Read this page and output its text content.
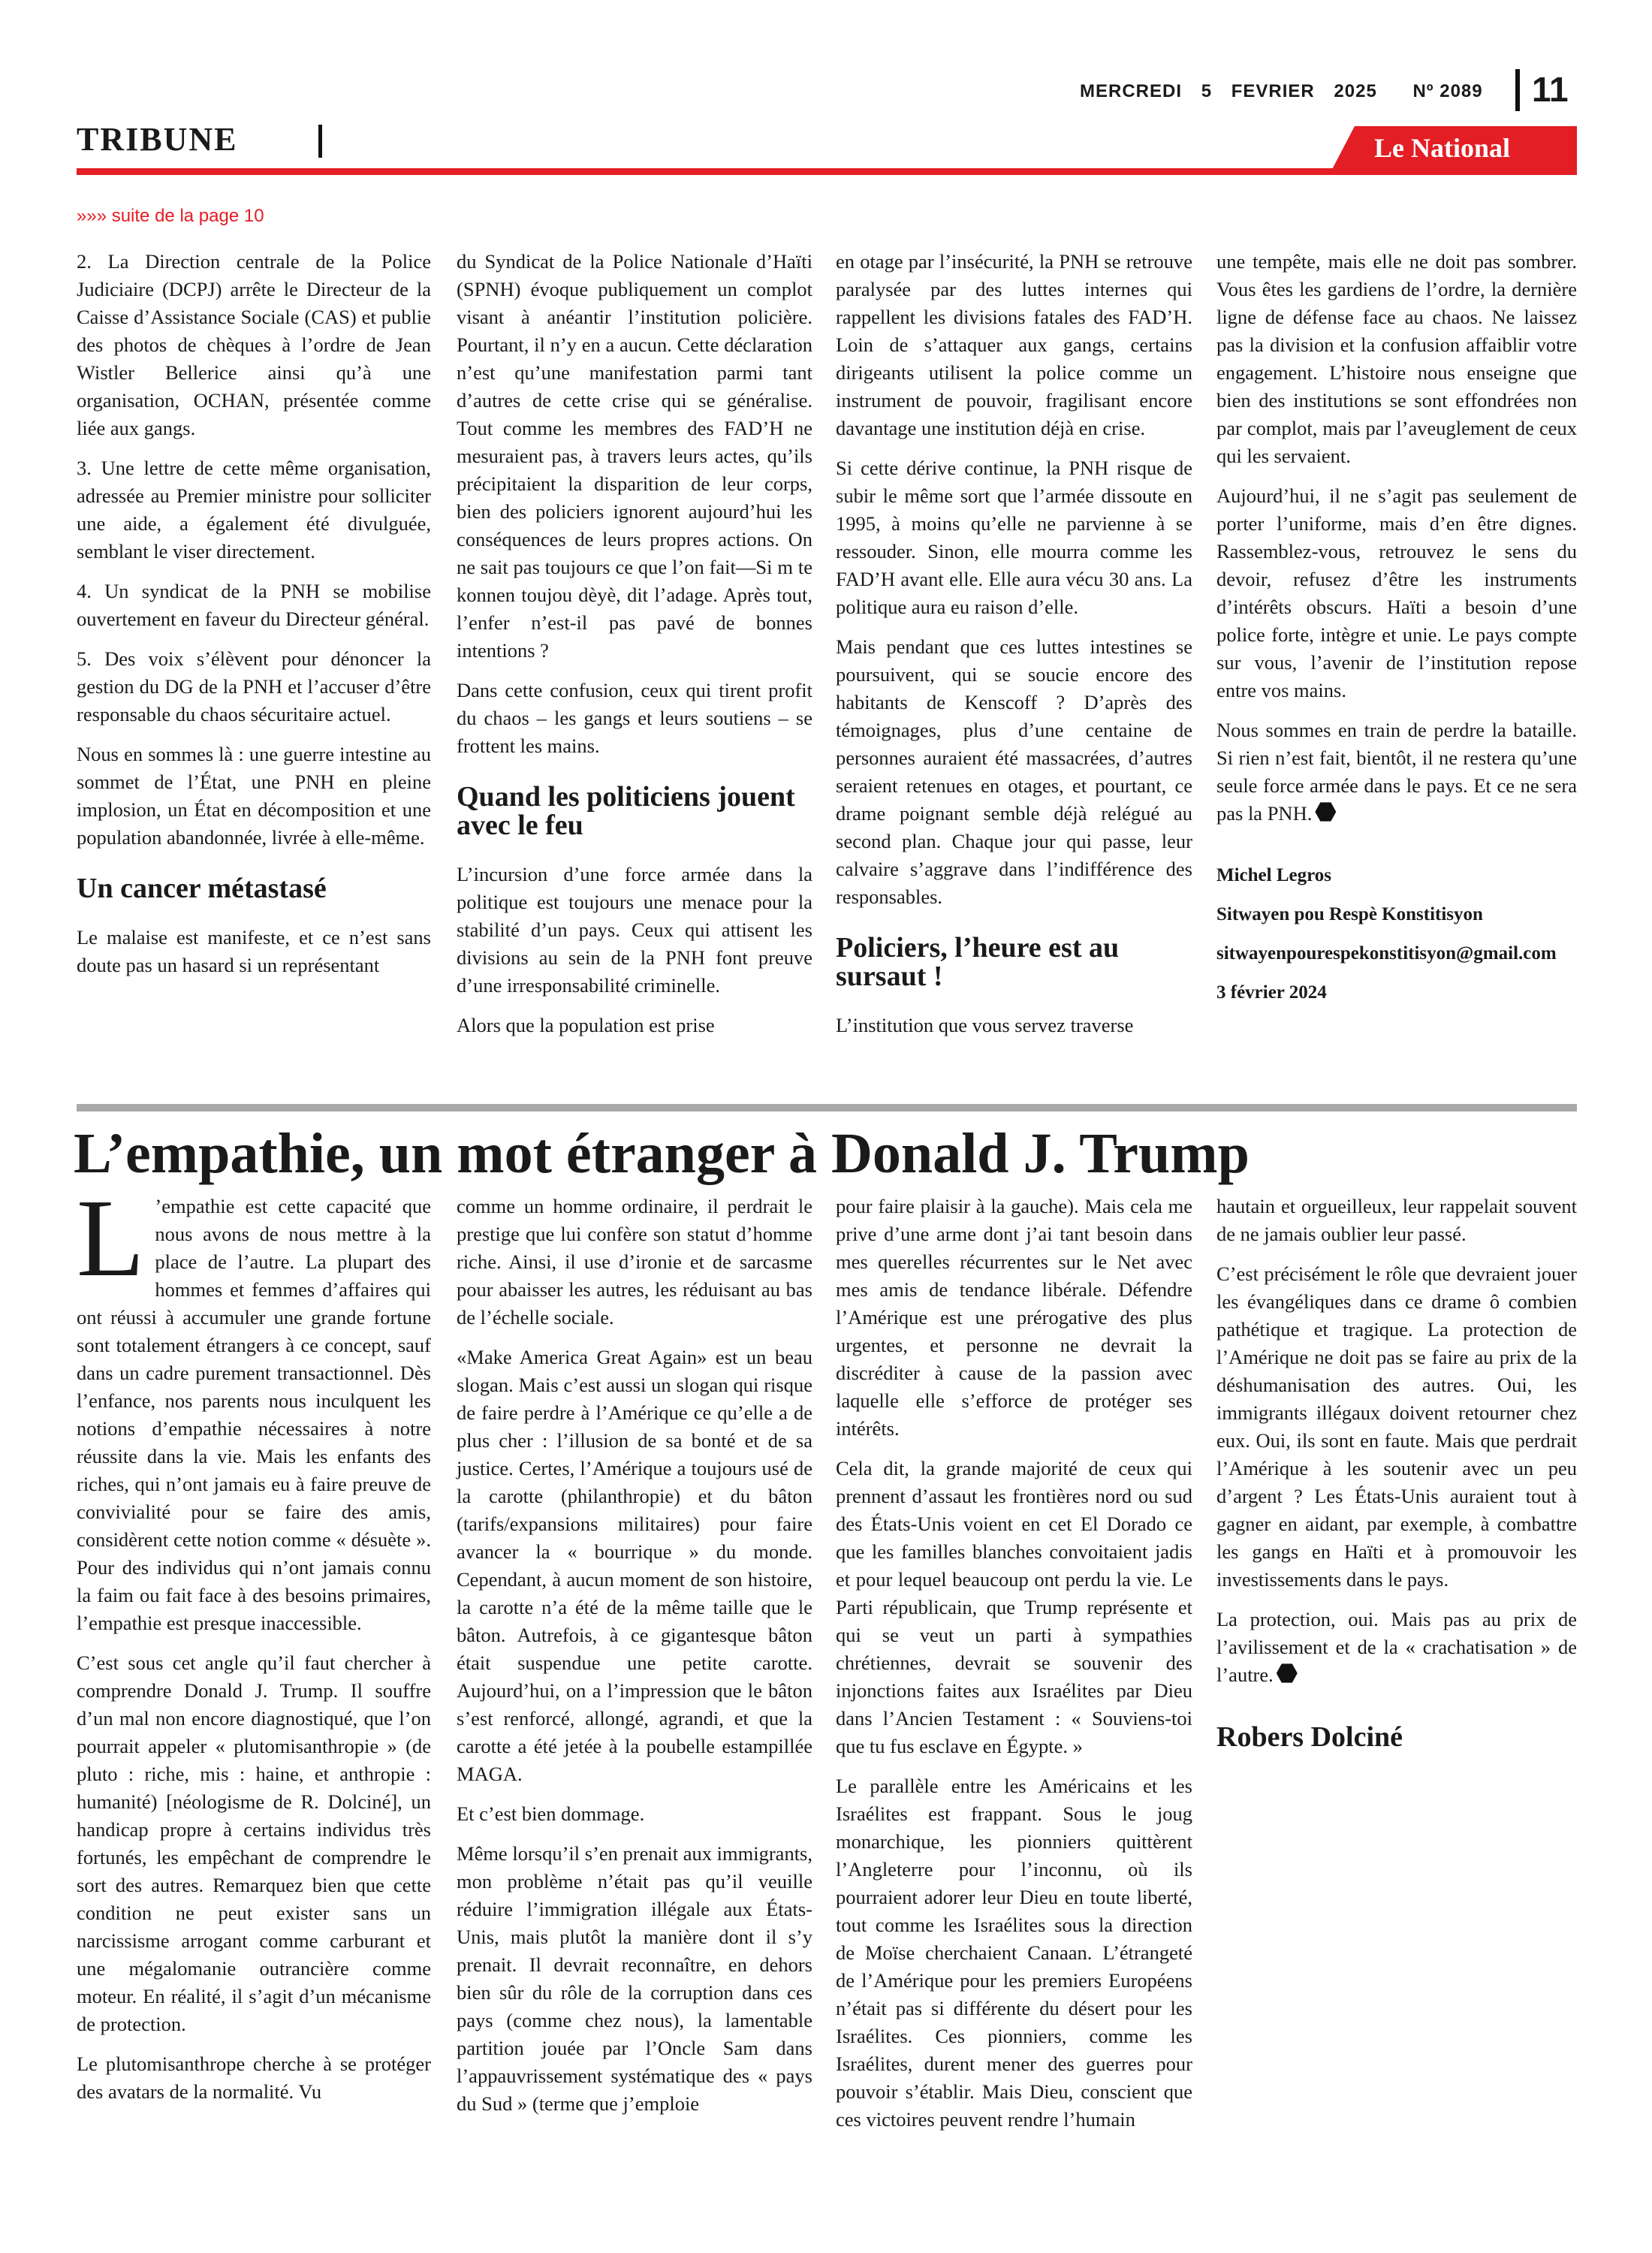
MERCREDI 5 FEVRIER 2025 Nº 2089	11
TRIBUNE	Le National
»»» suite de la page 10

2. La Direction centrale de la Police Judiciaire (DCPJ) arrête le Directeur de la Caisse d’Assistance Sociale (CAS) et publie des photos de chèques à l’ordre de Jean Wistler Bellerice ainsi qu’à une organisation, OCHAN, présentée comme liée aux gangs.

3. Une lettre de cette même organisation, adressée au Premier ministre pour solliciter une aide, a également été divulguée, semblant le viser directement.

4. Un syndicat de la PNH se mobilise ouvertement en faveur du Directeur général.

5. Des voix s’élèvent pour dénoncer la gestion du DG de la PNH et l’accuser d’être responsable du chaos sécuritaire actuel.

Nous en sommes là : une guerre intestine au sommet de l’État, une PNH en pleine implosion, un État en décomposition et une population abandonnée, livrée à elle-même.

Un cancer métastasé

Le malaise est manifeste, et ce n’est sans doute pas un hasard si un représentant

du Syndicat de la Police Nationale d’Haïti (SPNH) évoque publiquement un complot visant à anéantir l’institution policière. Pourtant, il n’y en a aucun. Cette déclaration n’est qu’une manifestation parmi tant d’autres de cette crise qui se généralise. Tout comme les membres des FAD’H ne mesuraient pas, à travers leurs actes, qu’ils précipitaient la disparition de leur corps, bien des policiers ignorent aujourd’hui les conséquences de leurs propres actions. On ne sait pas toujours ce que l’on fait—Si m te konnen toujou dèyè, dit l’adage. Après tout, l’enfer n’est-il pas pavé de bonnes intentions ?

Dans cette confusion, ceux qui tirent profit du chaos – les gangs et leurs soutiens – se frottent les mains.

Quand les politiciens jouent avec le feu

L’incursion d’une force armée dans la politique est toujours une menace pour la stabilité d’un pays. Ceux qui attisent les divisions au sein de la PNH font preuve d’une irresponsabilité criminelle.

Alors que la population est prise

en otage par l’insécurité, la PNH se retrouve paralysée par des luttes internes qui rappellent les divisions fatales des FAD’H. Loin de s’attaquer aux gangs, certains dirigeants utilisent la police comme un instrument de pouvoir, fragilisant encore davantage une institution déjà en crise.

Si cette dérive continue, la PNH risque de subir le même sort que l’armée dissoute en 1995, à moins qu’elle ne parvienne à se ressouder. Sinon, elle mourra comme les FAD’H avant elle. Elle aura vécu 30 ans. La politique aura eu raison d’elle.

Mais pendant que ces luttes intestines se poursuivent, qui se soucie encore des habitants de Kenscoff ? D’après des témoignages, plus d’une centaine de personnes auraient été massacrées, d’autres seraient retenues en otages, et pourtant, ce drame poignant semble déjà relégué au second plan. Chaque jour qui passe, leur calvaire s’aggrave dans l’indifférence des responsables.

Policiers, l’heure est au sursaut !

L’institution que vous servez traverse

une tempête, mais elle ne doit pas sombrer. Vous êtes les gardiens de l’ordre, la dernière ligne de défense face au chaos. Ne laissez pas la division et la confusion affaiblir votre engagement. L’histoire nous enseigne que bien des institutions se sont effondrées non par complot, mais par l’aveuglement de ceux qui les servaient.

Aujourd’hui, il ne s’agit pas seulement de porter l’uniforme, mais d’en être dignes. Rassemblez-vous, retrouvez le sens du devoir, refusez d’être les instruments d’intérêts obscurs. Haïti a besoin d’une police forte, intègre et unie. Le pays compte sur vous, l’avenir de l’institution repose entre vos mains.

Nous sommes en train de perdre la bataille. Si rien n’est fait, bientôt, il ne restera qu’une seule force armée dans le pays. Et ce ne sera pas la PNH.

Michel Legros

Sitwayen pou Respè Konstitisyon

sitwayenpourespekonstitisyon@gmail.com

3 février 2024

L’empathie, un mot étranger à Donald J. Trump

L ’empathie est cette capacité que nous avons de nous mettre à la place de l’autre. La plupart des hommes et femmes d’affaires qui ont réussi à accumuler une grande fortune sont totalement étrangers à ce concept, sauf dans un cadre purement transactionnel. Dès l’enfance, nos parents nous inculquent les notions d’empathie nécessaires à notre réussite dans la vie. Mais les enfants des riches, qui n’ont jamais eu à faire preuve de convivialité pour se faire des amis, considèrent cette notion comme « désuète ». Pour des individus qui n’ont jamais connu la faim ou fait face à des besoins primaires, l’empathie est presque inaccessible.

C’est sous cet angle qu’il faut chercher à comprendre Donald J. Trump. Il souffre d’un mal non encore diagnostiqué, que l’on pourrait appeler « plutomisanthropie » (de pluto : riche, mis : haine, et anthropie : humanité) [néologisme de R. Dolciné], un handicap propre à certains individus très fortunés, les empêchant de comprendre le sort des autres. Remarquez bien que cette condition ne peut exister sans un narcissisme arrogant comme carburant et une mégalomanie outrancière comme moteur. En réalité, il s’agit d’un mécanisme de protection.

Le plutomisanthrope cherche à se protéger des avatars de la normalité. Vu

comme un homme ordinaire, il perdrait le prestige que lui confère son statut d’homme riche. Ainsi, il use d’ironie et de sarcasme pour abaisser les autres, les réduisant au bas de l’échelle sociale.

«Make America Great Again» est un beau slogan. Mais c’est aussi un slogan qui risque de faire perdre à l’Amérique ce qu’elle a de plus cher : l’illusion de sa bonté et de sa justice. Certes, l’Amérique a toujours usé de la carotte (philanthropie) et du bâton (tarifs/expansions militaires) pour faire avancer la « bourrique » du monde. Cependant, à aucun moment de son histoire, la carotte n’a été de la même taille que le bâton. Autrefois, à ce gigantesque bâton était suspendue une petite carotte. Aujourd’hui, on a l’impression que le bâton s’est renforcé, allongé, agrandi, et que la carotte a été jetée à la poubelle estampillée MAGA.

Et c’est bien dommage.

Même lorsqu’il s’en prenait aux immigrants, mon problème n’était pas qu’il veuille réduire l’immigration illégale aux États-Unis, mais plutôt la manière dont il s’y prenait. Il devrait reconnaître, en dehors bien sûr du rôle de la corruption dans ces pays (comme chez nous), la lamentable partition jouée par l’Oncle Sam dans l’appauvrissement systématique des « pays du Sud » (terme que j’emploie

pour faire plaisir à la gauche). Mais cela me prive d’une arme dont j’ai tant besoin dans mes querelles récurrentes sur le Net avec mes amis de tendance libérale. Défendre l’Amérique est une prérogative des plus urgentes, et personne ne devrait la discréditer à cause de la passion avec laquelle elle s’efforce de protéger ses intérêts.

Cela dit, la grande majorité de ceux qui prennent d’assaut les frontières nord ou sud des États-Unis voient en cet El Dorado ce que les familles blanches convoitaient jadis et pour lequel beaucoup ont perdu la vie. Le Parti républicain, que Trump représente et qui se veut un parti à sympathies chrétiennes, devrait se souvenir des injonctions faites aux Israélites par Dieu dans l’Ancien Testament : « Souviens-toi que tu fus esclave en Égypte. »

Le parallèle entre les Américains et les Israélites est frappant. Sous le joug monarchique, les pionniers quittèrent l’Angleterre pour l’inconnu, où ils pourraient adorer leur Dieu en toute liberté, tout comme les Israélites sous la direction de Moïse cherchaient Canaan. L’étrangeté de l’Amérique pour les premiers Européens n’était pas si différente du désert pour les Israélites. Ces pionniers, comme les Israélites, durent mener des guerres pour pouvoir s’établir. Mais Dieu, conscient que ces victoires peuvent rendre l’humain

hautain et orgueilleux, leur rappelait souvent de ne jamais oublier leur passé.

C’est précisément le rôle que devraient jouer les évangéliques dans ce drame ô combien pathétique et tragique. La protection de l’Amérique ne doit pas se faire au prix de la déshumanisation des autres. Oui, les immigrants illégaux doivent retourner chez eux. Oui, ils sont en faute. Mais que perdrait l’Amérique à les soutenir avec un peu d’argent ? Les États-Unis auraient tout à gagner en aidant, par exemple, à combattre les gangs en Haïti et à promouvoir les investissements dans le pays.

La protection, oui. Mais pas au prix de l’avilissement et de la « crachatisation » de l’autre.

Robers Dolciné
